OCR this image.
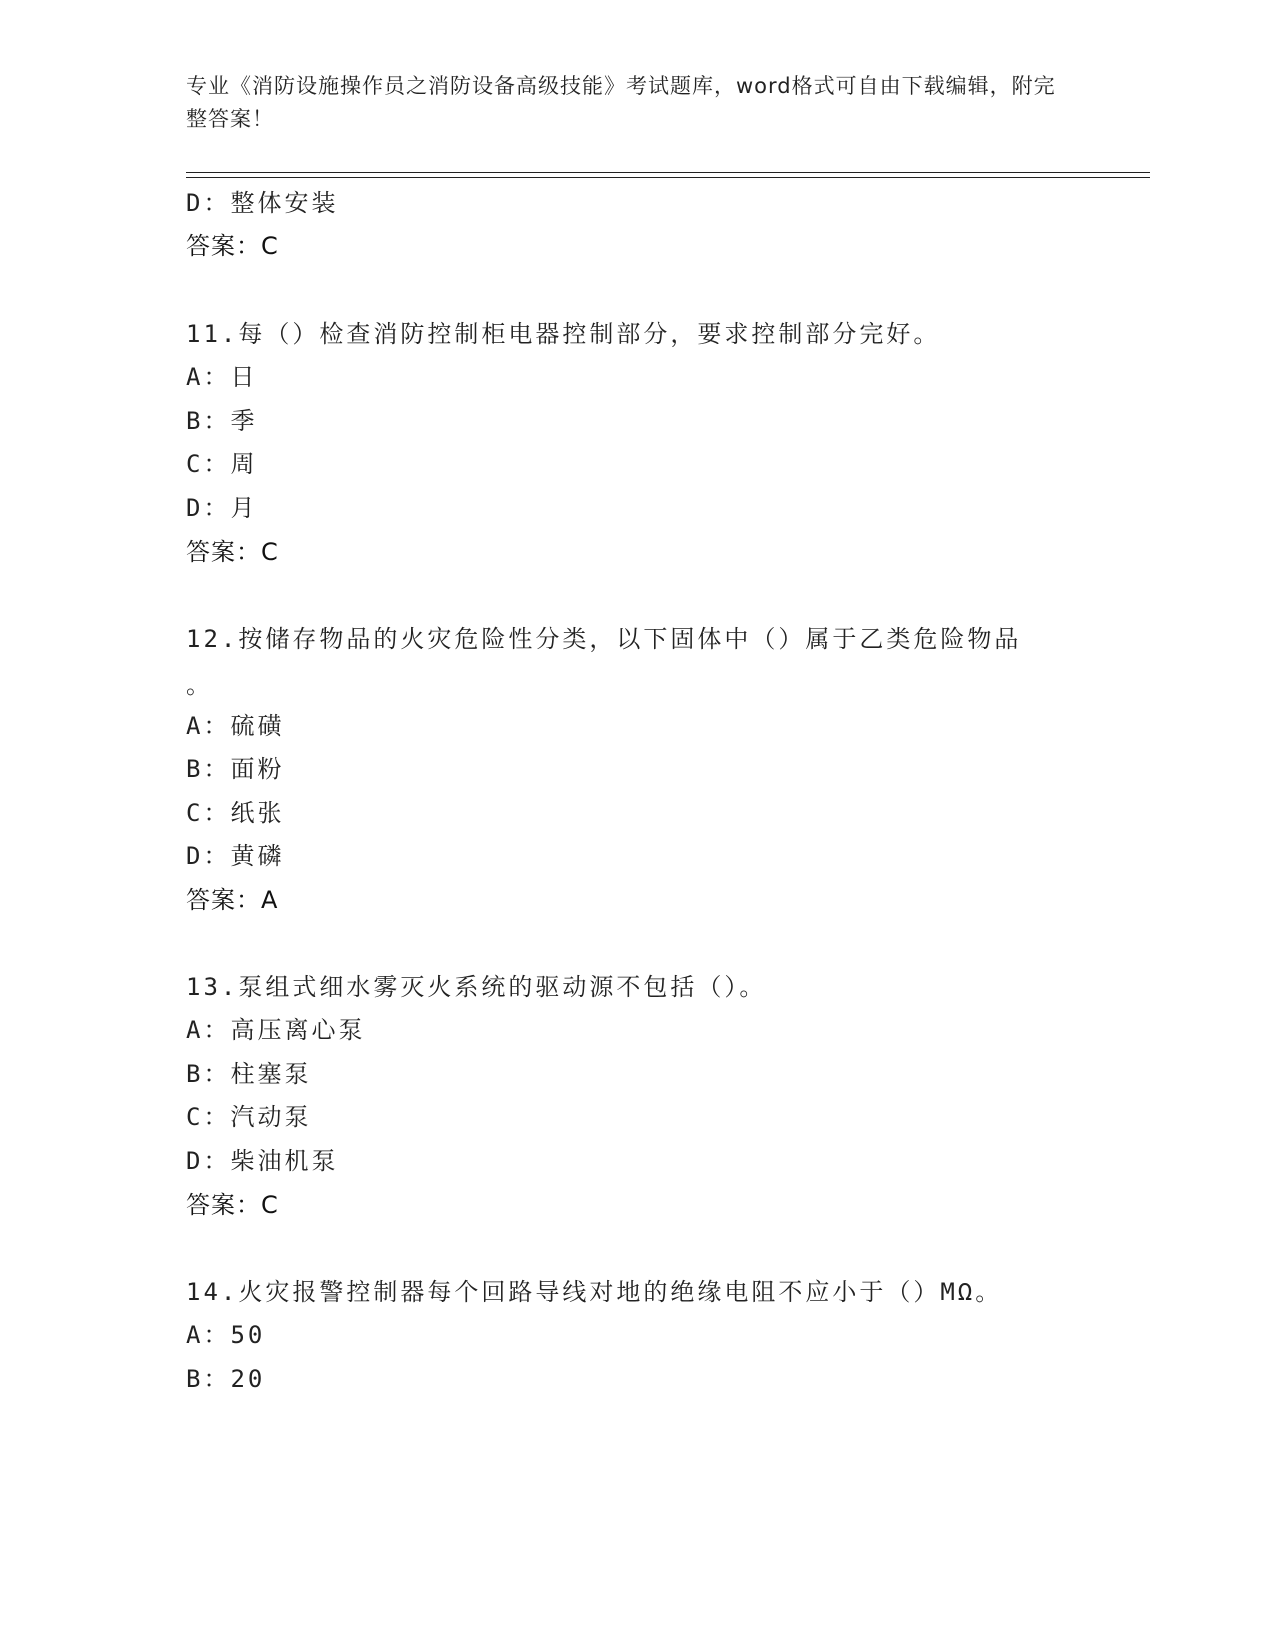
专业《消防设施操作员之消防设备高级技能》考试题库，word格式可自由下载编辑，附完整答案！
D：整体安装
答案：C
11.每（）检查消防控制柜电器控制部分，要求控制部分完好。
A：日
B：季
C：周
D：月
答案：C
12.按储存物品的火灾危险性分类，以下固体中（）属于乙类危险物品
。
A：硫磺
B：面粉
C：纸张
D：黄磷
答案：A
13.泵组式细水雾灭火系统的驱动源不包括（）。
A：高压离心泵
B：柱塞泵
C：汽动泵
D：柴油机泵
答案：C
14.火灾报警控制器每个回路导线对地的绝缘电阻不应小于（）MΩ。
A：50
B：20
